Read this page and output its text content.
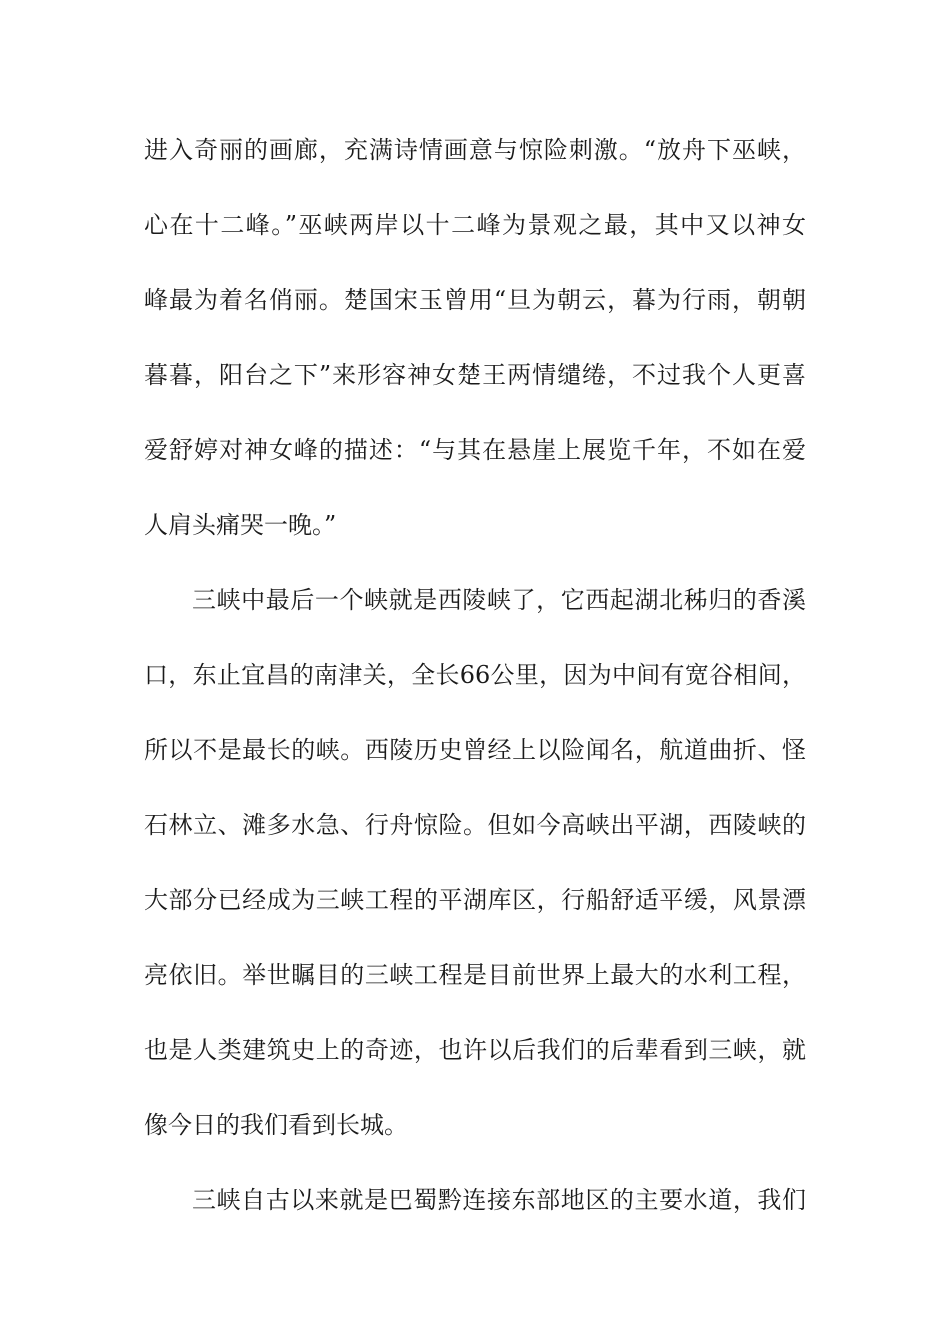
进入奇丽的画廊，充满诗情画意与惊险刺激。“放舟下巫峡，
心在十二峰。”巫峡两岸以十二峰为景观之最，其中又以神女
峰最为着名俏丽。楚国宋玉曾用“旦为朝云，暮为行雨，朝朝
暮暮，阳台之下”来形容神女楚王两情缱绻，不过我个人更喜
爱舒婷对神女峰的描述：“与其在悬崖上展览千年，不如在爱
人肩头痛哭一晚。”
三峡中最后一个峡就是西陵峡了，它西起湖北秭归的香溪
口，东止宜昌的南津关，全长66公里，因为中间有宽谷相间，
所以不是最长的峡。西陵历史曾经上以险闻名，航道曲折、怪
石林立、滩多水急、行舟惊险。但如今高峡出平湖，西陵峡的
大部分已经成为三峡工程的平湖库区，行船舒适平缓，风景漂
亮依旧。举世瞩目的三峡工程是目前世界上最大的水利工程，
也是人类建筑史上的奇迹，也许以后我们的后辈看到三峡，就
像今日的我们看到长城。
三峡自古以来就是巴蜀黔连接东部地区的主要水道，我们
